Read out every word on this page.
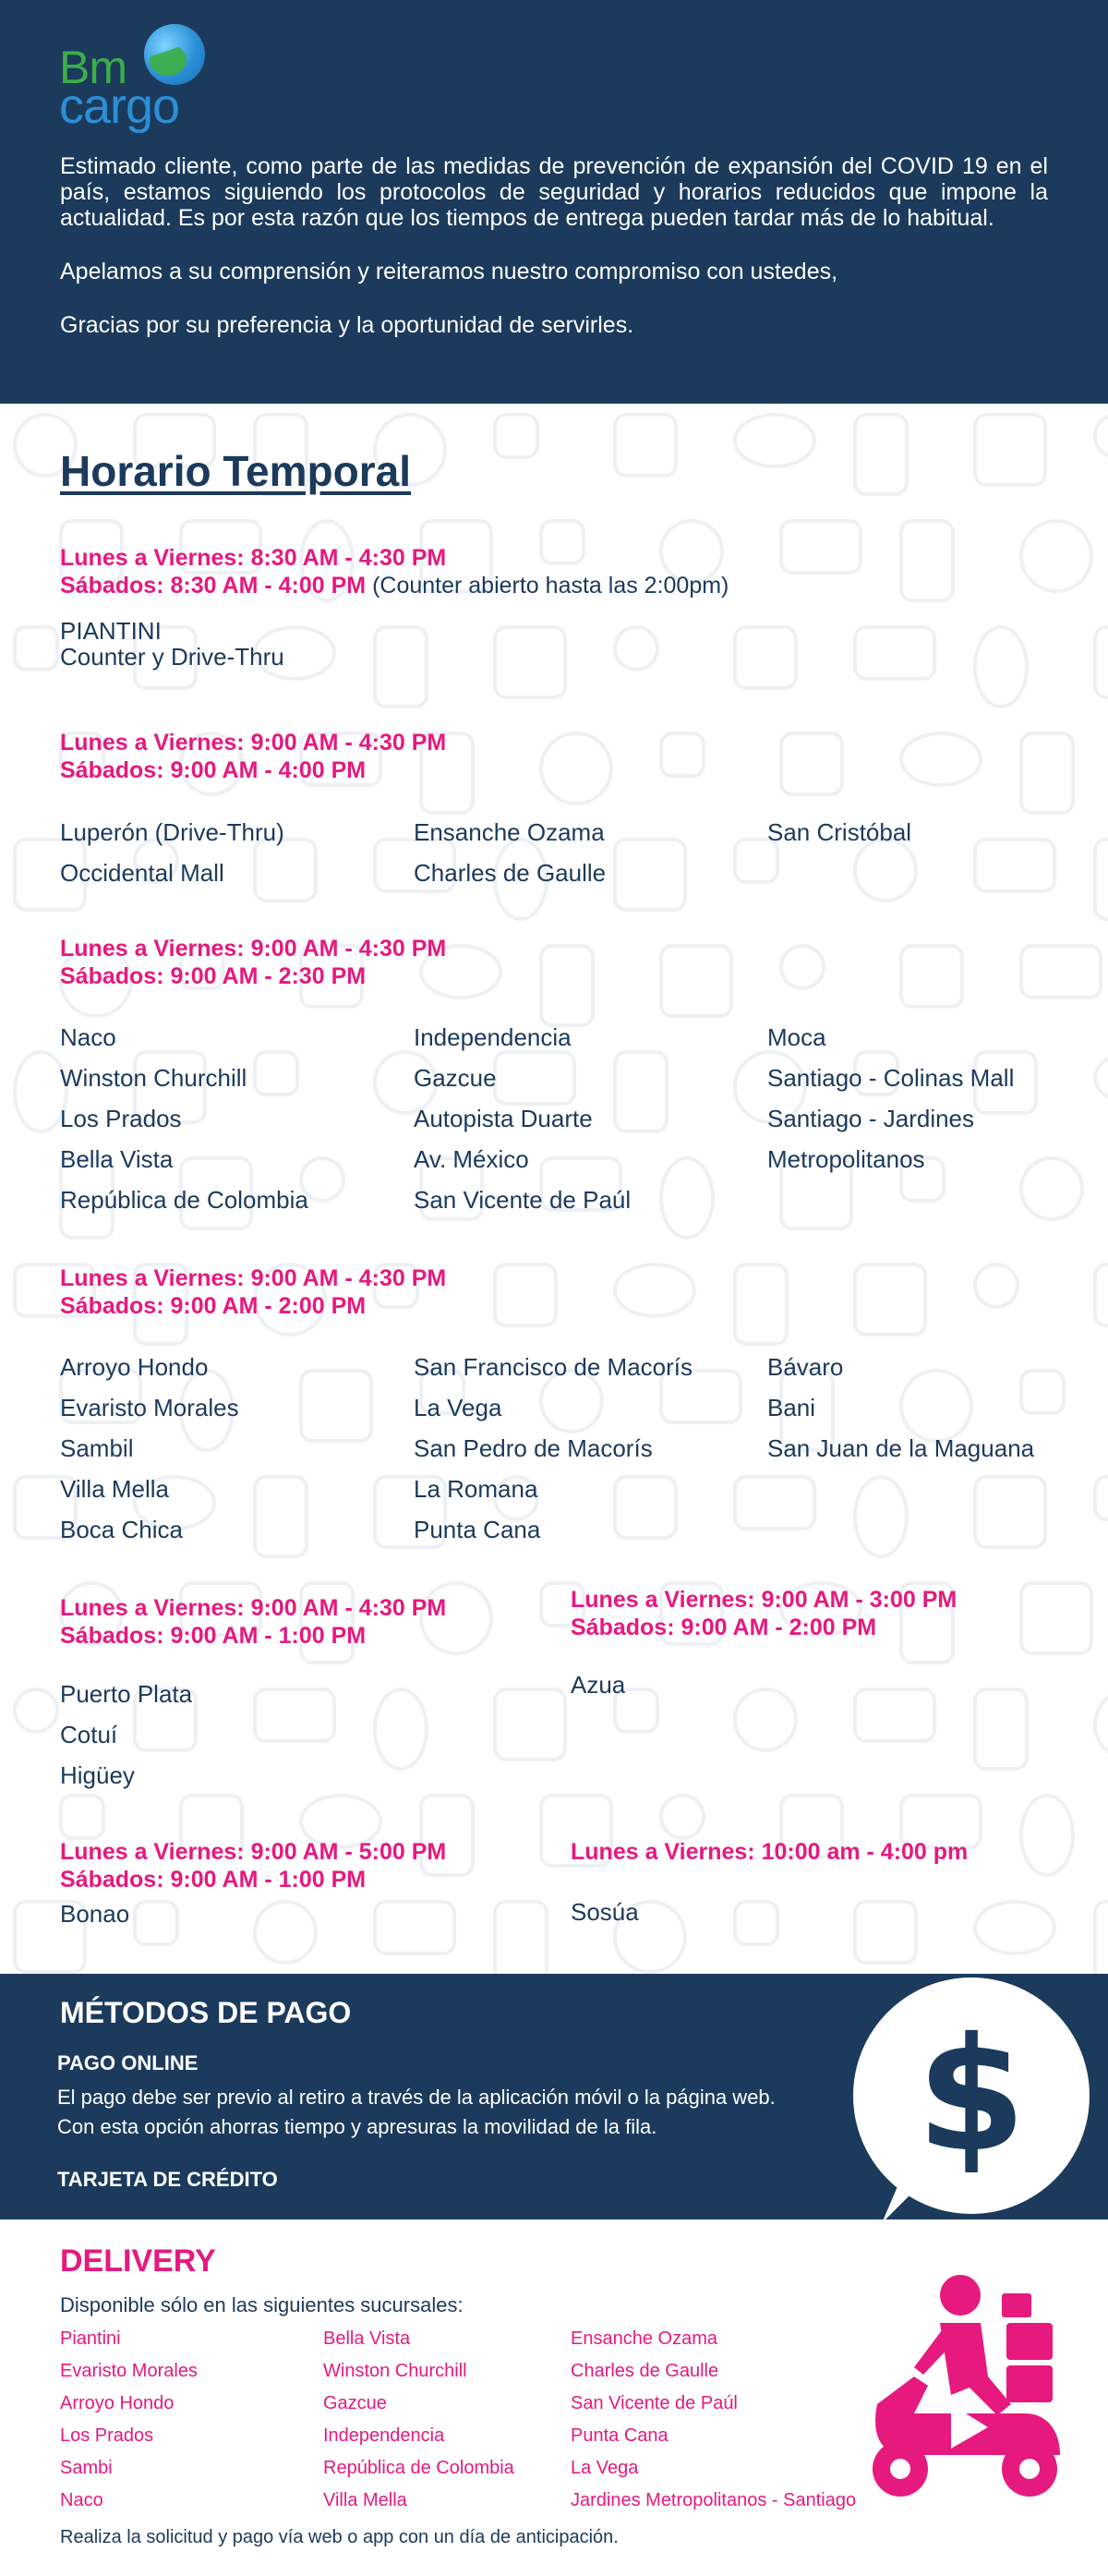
Bm
cargo

Estimado cliente, como parte de las medidas de prevención de expansión del COVID 19 en el país, estamos siguiendo los protocolos de seguridad y horarios reducidos que impone la actualidad. Es por esta razón que los tiempos de entrega pueden tardar más de lo habitual.

Apelamos a su comprensión y reiteramos nuestro compromiso con ustedes,

Gracias por su preferencia y la oportunidad de servirles.

Horario Temporal
Lunes a Viernes: 8:30 AM - 4:30 PM
Sábados: 8:30 AM - 4:00 PM (Counter abierto hasta las 2:00pm)
PIANTINI
Counter y Drive-Thru
Lunes a Viernes: 9:00 AM - 4:30 PM
Sábados: 9:00 AM - 4:00 PM
Luperón (Drive-Thru)
Occidental Mall
Ensanche Ozama
Charles de Gaulle
San Cristóbal
Lunes a Viernes: 9:00 AM - 4:30 PM
Sábados: 9:00 AM - 2:30 PM
Naco
Winston Churchill
Los Prados
Bella Vista
República de Colombia
Independencia
Gazcue
Autopista Duarte
Av. México
San Vicente de Paúl
Moca
Santiago - Colinas Mall
Santiago - Jardines
Metropolitanos
Lunes a Viernes: 9:00 AM - 4:30 PM
Sábados: 9:00 AM - 2:00 PM
Arroyo Hondo
Evaristo Morales
Sambil
Villa Mella
Boca Chica
San Francisco de Macorís
La Vega
San Pedro de Macorís
La Romana
Punta Cana
Bávaro
Bani
San Juan de la Maguana
Lunes a Viernes: 9:00 AM - 4:30 PM
Sábados: 9:00 AM - 1:00 PM
Puerto Plata
Cotuí
Higüey
Lunes a Viernes: 9:00 AM - 3:00 PM
Sábados: 9:00 AM - 2:00 PM
Azua
Lunes a Viernes: 9:00 AM - 5:00 PM
Sábados: 9:00 AM - 1:00 PM
Bonao
Lunes a Viernes: 10:00 am - 4:00 pm
Sosúa
MÉTODOS DE PAGO
PAGO ONLINE
El pago debe ser previo al retiro a través de la aplicación móvil o la página web.
Con esta opción ahorras tiempo y apresuras la movilidad de la fila.
TARJETA DE CRÉDITO	$
DELIVERY
Disponible sólo en las siguientes sucursales:
Piantini
Evaristo Morales
Arroyo Hondo
Los Prados
Sambi
Naco
Bella Vista
Winston Churchill
Gazcue
Independencia
República de Colombia
Villa Mella
Ensanche Ozama
Charles de Gaulle
San Vicente de Paúl
Punta Cana
La Vega
Jardines Metropolitanos - Santiago
Realiza la solicitud y pago vía web o app con un día de anticipación.
